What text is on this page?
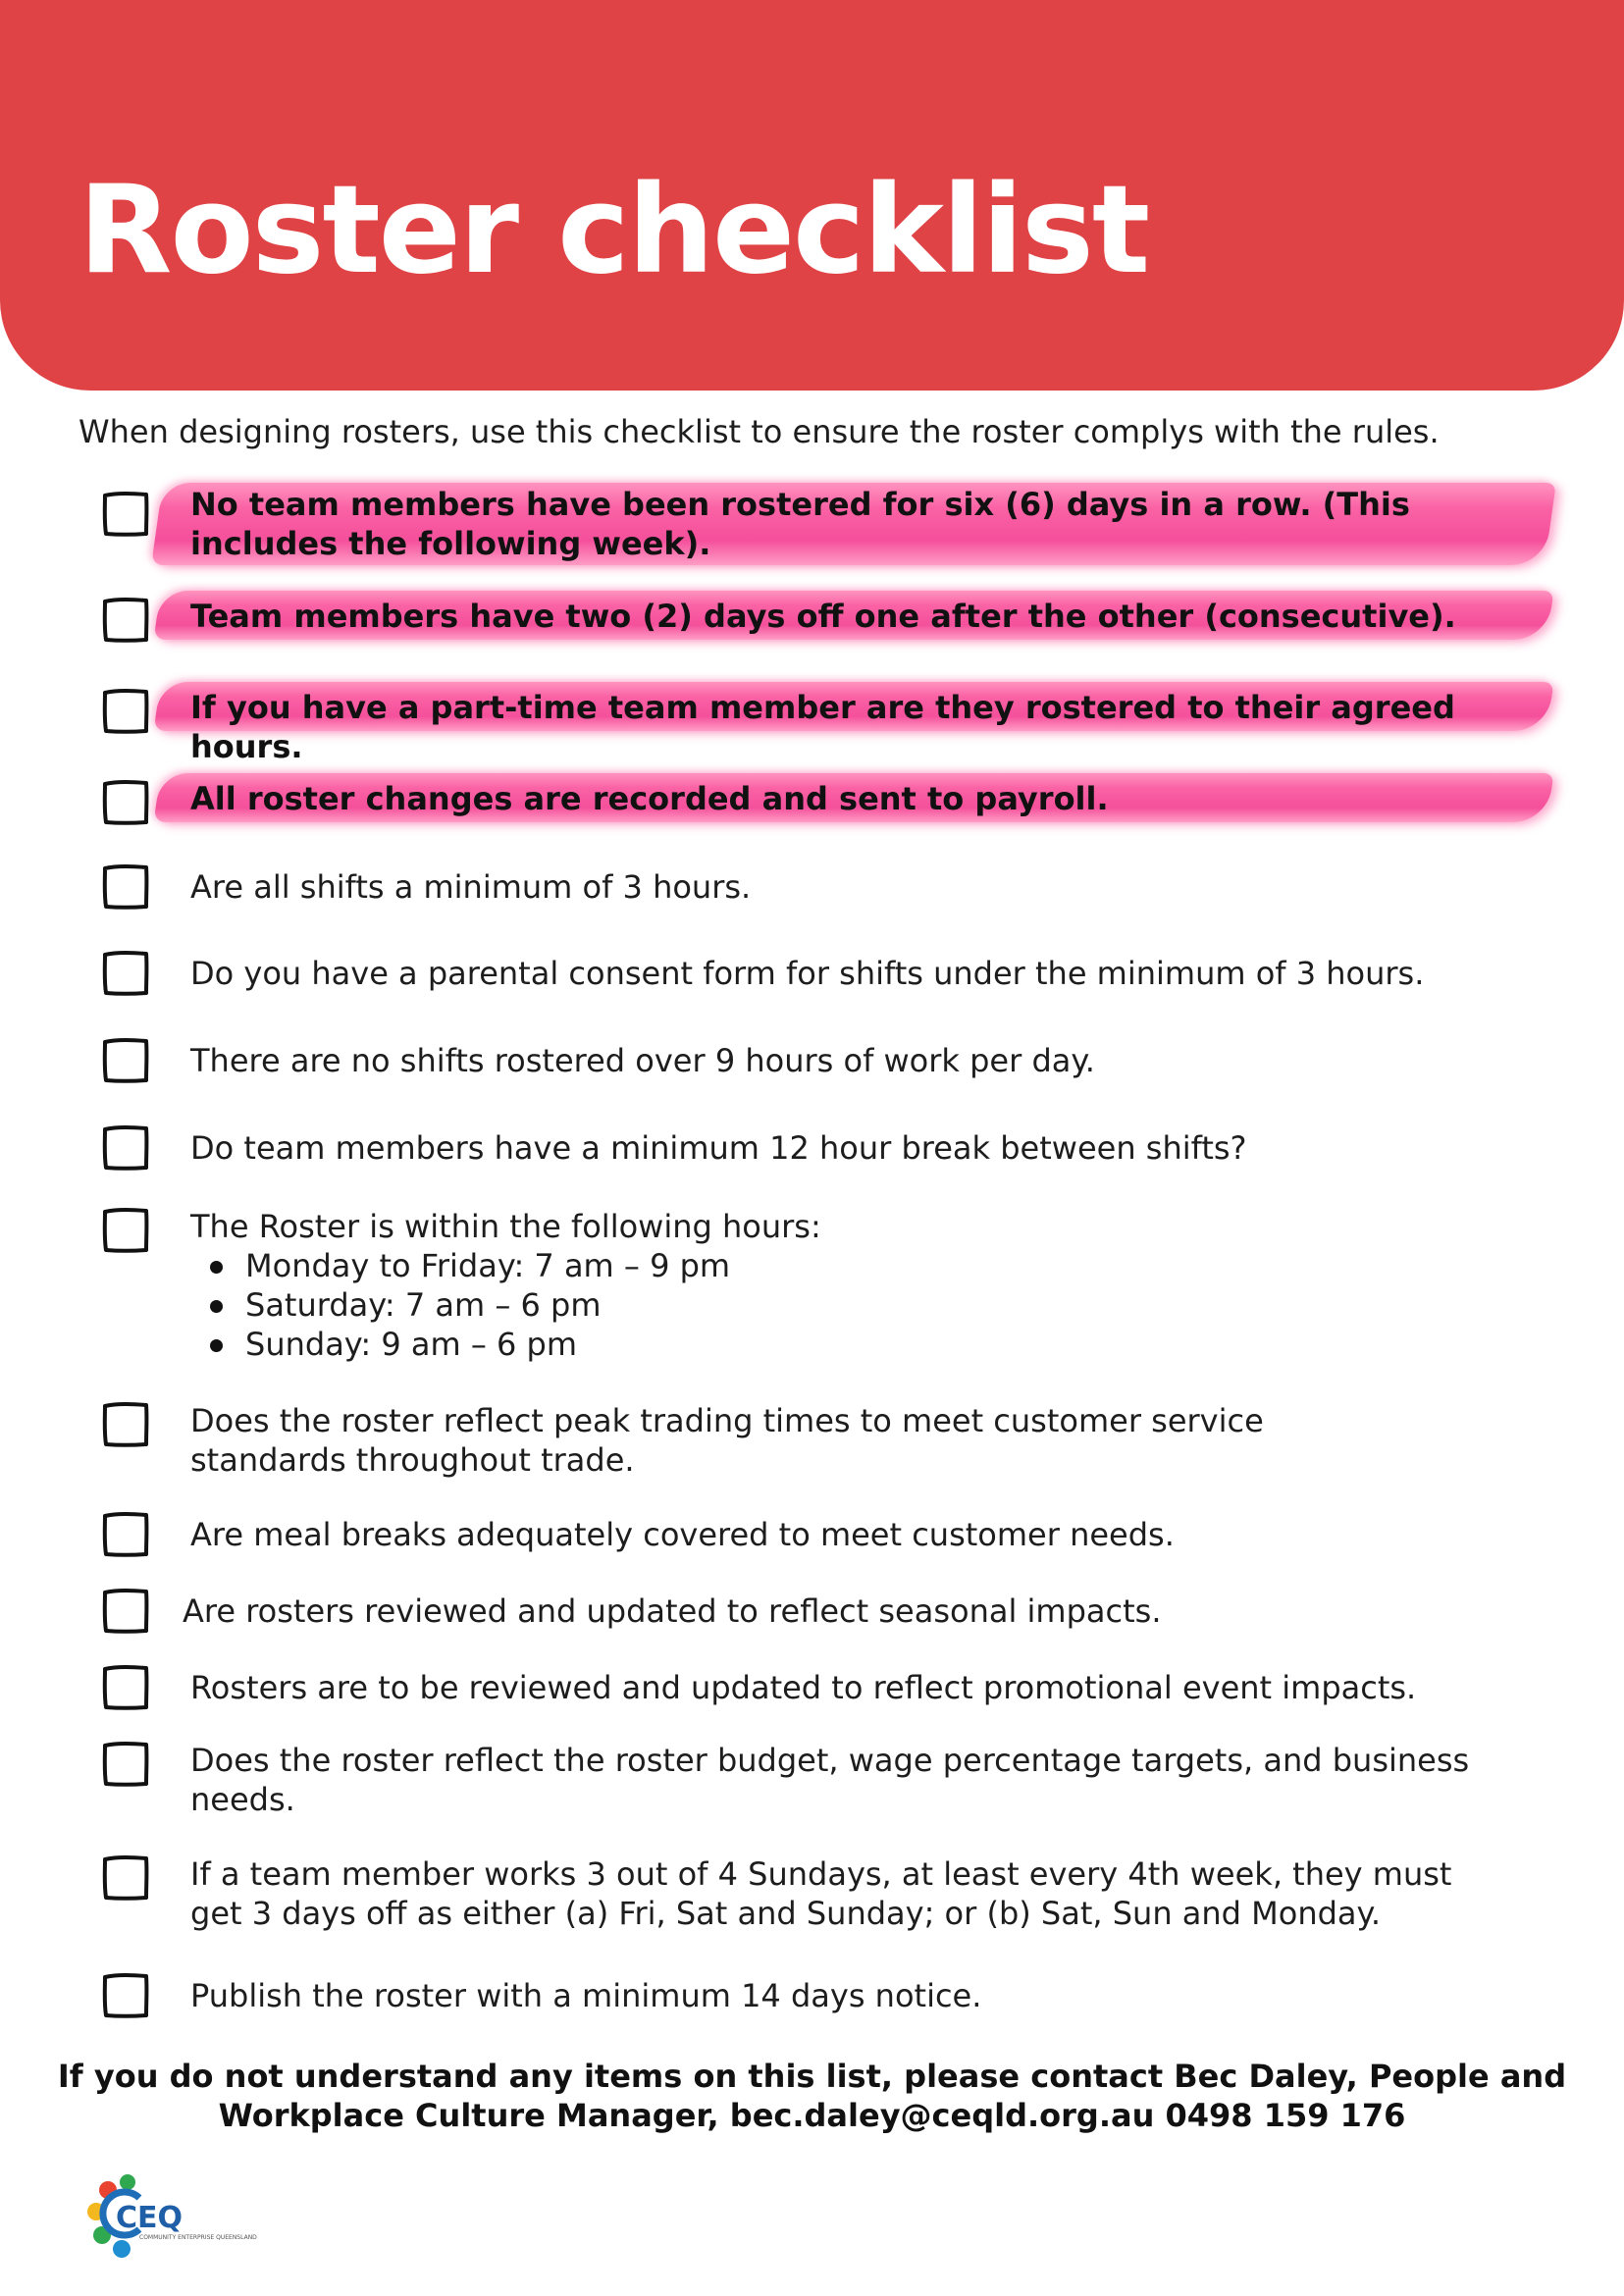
Roster checklist

When designing rosters, use this checklist to ensure the roster complys with the rules.

No team members have been rostered for six (6) days in a row. (This includes the following week).
Team members have two (2) days off one after the other (consecutive).
If you have a part-time team member are they rostered to their agreed hours.
All roster changes are recorded and sent to payroll.
Are all shifts a minimum of 3 hours.
Do you have a parental consent form for shifts under the minimum of 3 hours.
There are no shifts rostered over 9 hours of work per day.
Do team members have a minimum 12 hour break between shifts?
The Roster is within the following hours:
Monday to Friday: 7 am – 9 pm
Saturday: 7 am – 6 pm
Sunday: 9 am – 6 pm
Does the roster reflect peak trading times to meet customer service standards throughout trade.
Are meal breaks adequately covered to meet customer needs.
Are rosters reviewed and updated to reflect seasonal impacts.
Rosters are to be reviewed and updated to reflect promotional event impacts.
Does the roster reflect the roster budget, wage percentage targets, and business needs.
If a team member works 3 out of 4 Sundays, at least every 4th week, they must get 3 days off as either (a) Fri, Sat and Sunday; or (b) Sat, Sun and Monday.
Publish the roster with a minimum 14 days notice.

If you do not understand any items on this list, please contact Bec Daley, People and Workplace Culture Manager, bec.daley@ceqld.org.au 0498 159 176

CEQ
COMMUNITY ENTERPRISE QUEENSLAND
